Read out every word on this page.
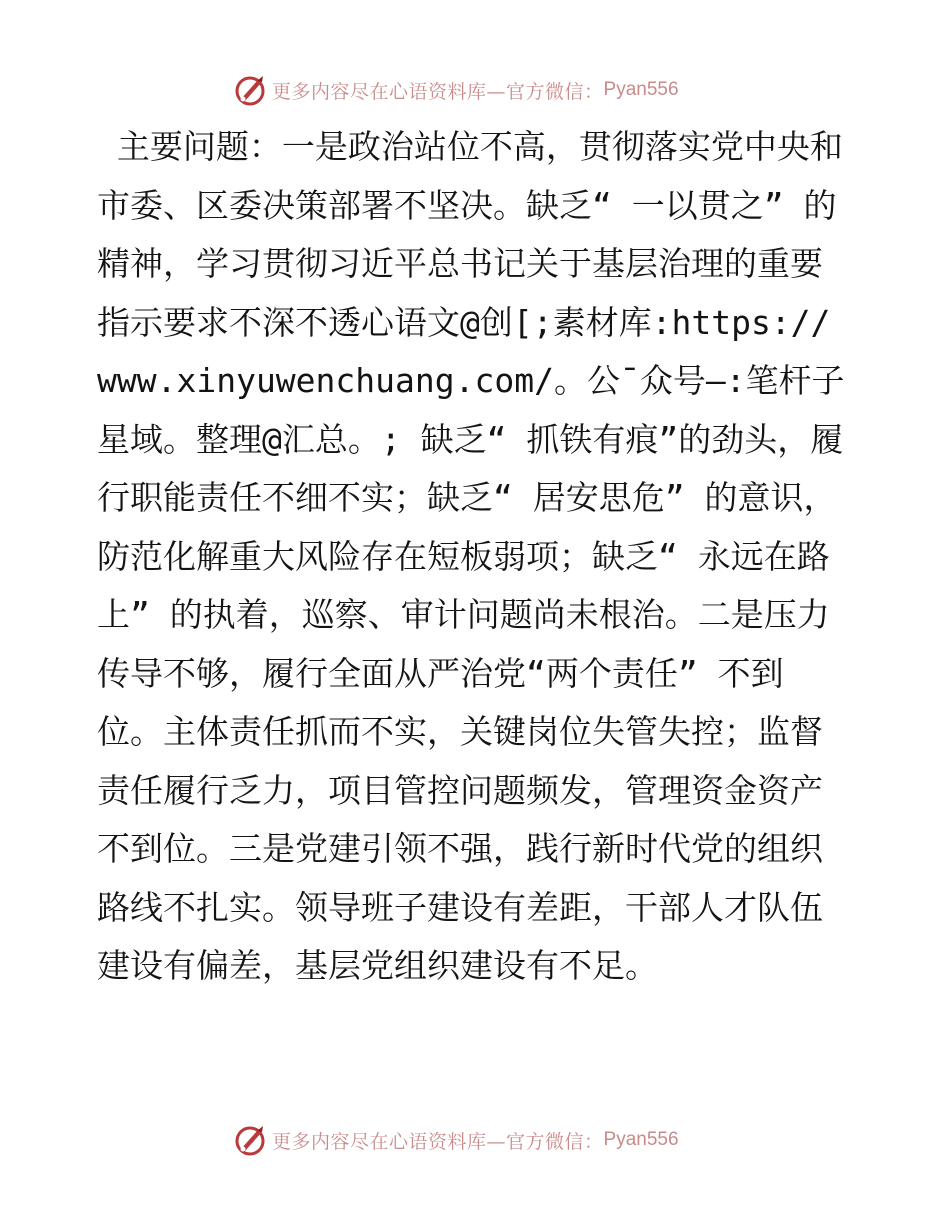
更多内容尽在心语资料库—官方微信： Pyan556

主要问题：一是政治站位不高，贯彻落实党中央和市委、区委决策部署不坚决。缺乏“ 一以贯之” 的精神，学习贯彻习近平总书记关于基层治理的重要指示要求不深不透心语文@创[;素材库:https://www.xinyuwenchuang.com/。公¯众号—:笔杆子星域。整理@汇总。; 缺乏“ 抓铁有痕”的劲头，履行职能责任不细不实；缺乏“ 居安思危” 的意识，防范化解重大风险存在短板弱项；缺乏“ 永远在路上” 的执着，巡察、审计问题尚未根治。二是压力传导不够，履行全面从严治党“两个责任” 不到位。主体责任抓而不实，关键岗位失管失控；监督责任履行乏力，项目管控问题频发，管理资金资产不到位。三是党建引领不强，践行新时代党的组织路线不扎实。领导班子建设有差距，干部人才队伍建设有偏差，基层党组织建设有不足。

更多内容尽在心语资料库—官方微信： Pyan556
